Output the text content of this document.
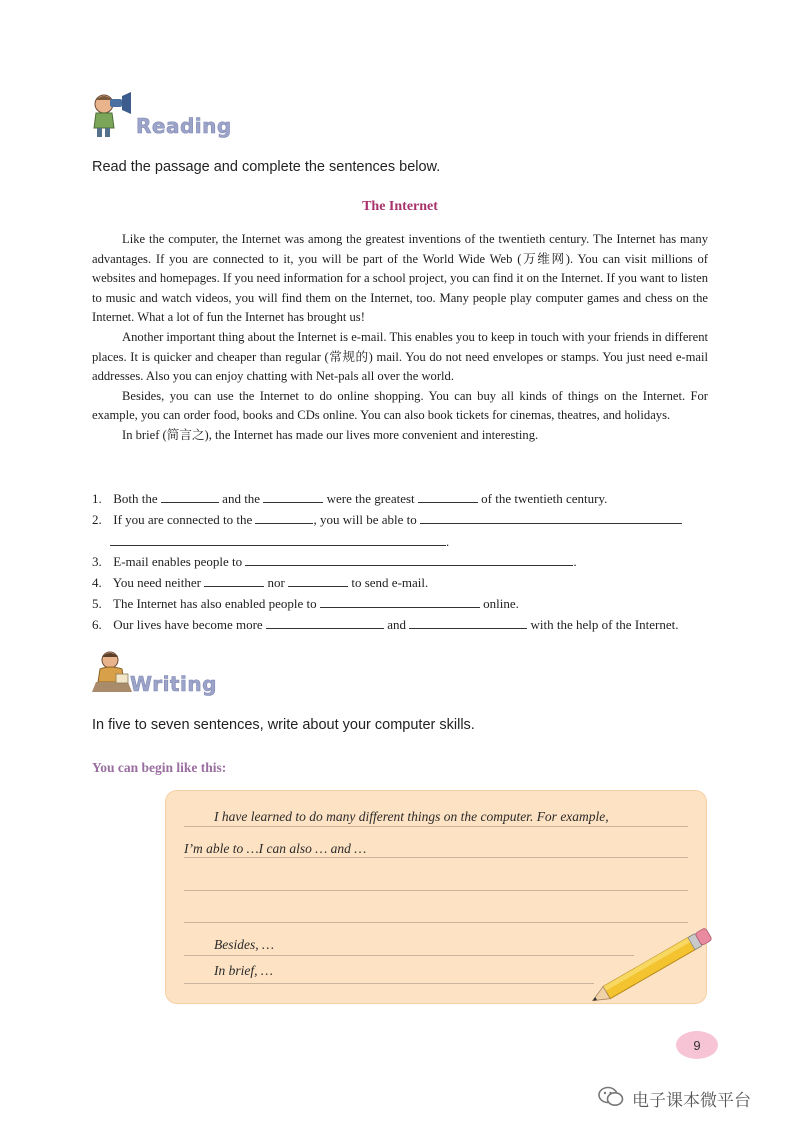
Reading
Read the passage and complete the sentences below.
The Internet

Like the computer, the Internet was among the greatest inventions of the twentieth century. The Internet has many advantages. If you are connected to it, you will be part of the World Wide Web (万维网). You can visit millions of websites and homepages. If you need information for a school project, you can find it on the Internet. If you want to listen to music and watch videos, you will find them on the Internet, too. Many people play computer games and chess on the Internet. What a lot of fun the Internet has brought us!

Another important thing about the Internet is e-mail. This enables you to keep in touch with your friends in different places. It is quicker and cheaper than regular (常规的) mail. You do not need envelopes or stamps. You just need e-mail addresses. Also you can enjoy chatting with Net-pals all over the world.

Besides, you can use the Internet to do online shopping. You can buy all kinds of things on the Internet. For example, you can order food, books and CDs online. You can also book tickets for cinemas, theatres, and holidays.

In brief (简言之), the Internet has made our lives more convenient and interesting.

1. Both the	and the	were the greatest	of the twentieth century.
2. If you are connected to the	, you will be able to
.
3. E-mail enables people to	.
4. You need neither	nor	to send e-mail.
5. The Internet has also enabled people to	online.
6. Our lives have become more	and	with the help of the Internet.
Writing
In five to seven sentences, write about your computer skills.
You can begin like this:
I have learned to do many different things on the computer. For example,
I’m able to …I can also … and …
Besides, …
In brief, …
9
电子课本微平台
